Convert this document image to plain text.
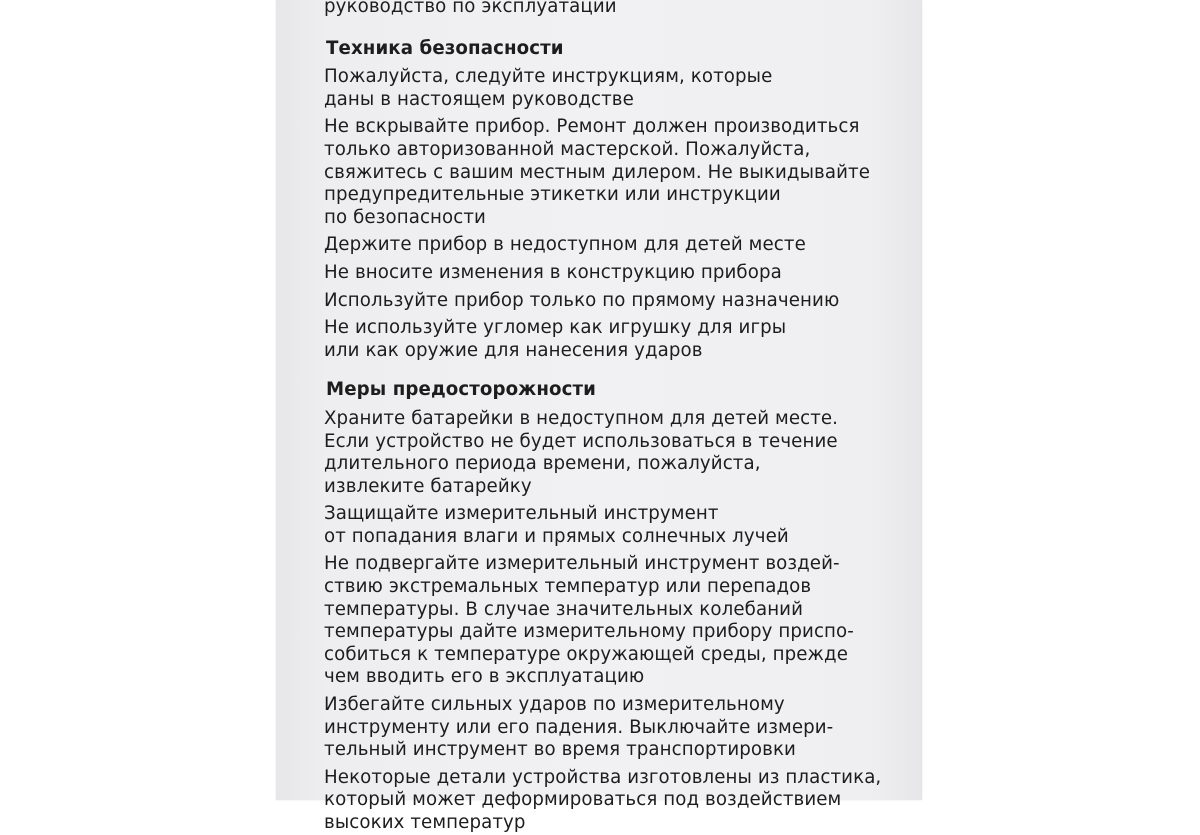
руководство по эксплуатации

Техника безопасности

Пожалуйста, следуйте инструкциям, которые
даны в настоящем руководстве

Не вскрывайте прибор. Ремонт должен производиться
только авторизованной мастерской. Пожалуйста,
свяжитесь с вашим местным дилером. Не выкидывайте
предупредительные этикетки или инструкции
по безопасности

Держите прибор в недоступном для детей месте

Не вносите изменения в конструкцию прибора

Используйте прибор только по прямому назначению

Не используйте угломер как игрушку для игры
или как оружие для нанесения ударов

Меры предосторожности

Храните батарейки в недоступном для детей месте.
Если устройство не будет использоваться в течение
длительного периода времени, пожалуйста,
извлеките батарейку

Защищайте измерительный инструмент
от попадания влаги и прямых солнечных лучей

Не подвергайте измерительный инструмент воздей-
ствию экстремальных температур или перепадов
температуры. В случае значительных колебаний
температуры дайте измерительному прибору приспо-
собиться к температуре окружающей среды, прежде
чем вводить его в эксплуатацию

Избегайте сильных ударов по измерительному
инструменту или его падения. Выключайте измери-
тельный инструмент во время транспортировки

Некоторые детали устройства изготовлены из пластика,
который может деформироваться под воздействием
высоких температур
